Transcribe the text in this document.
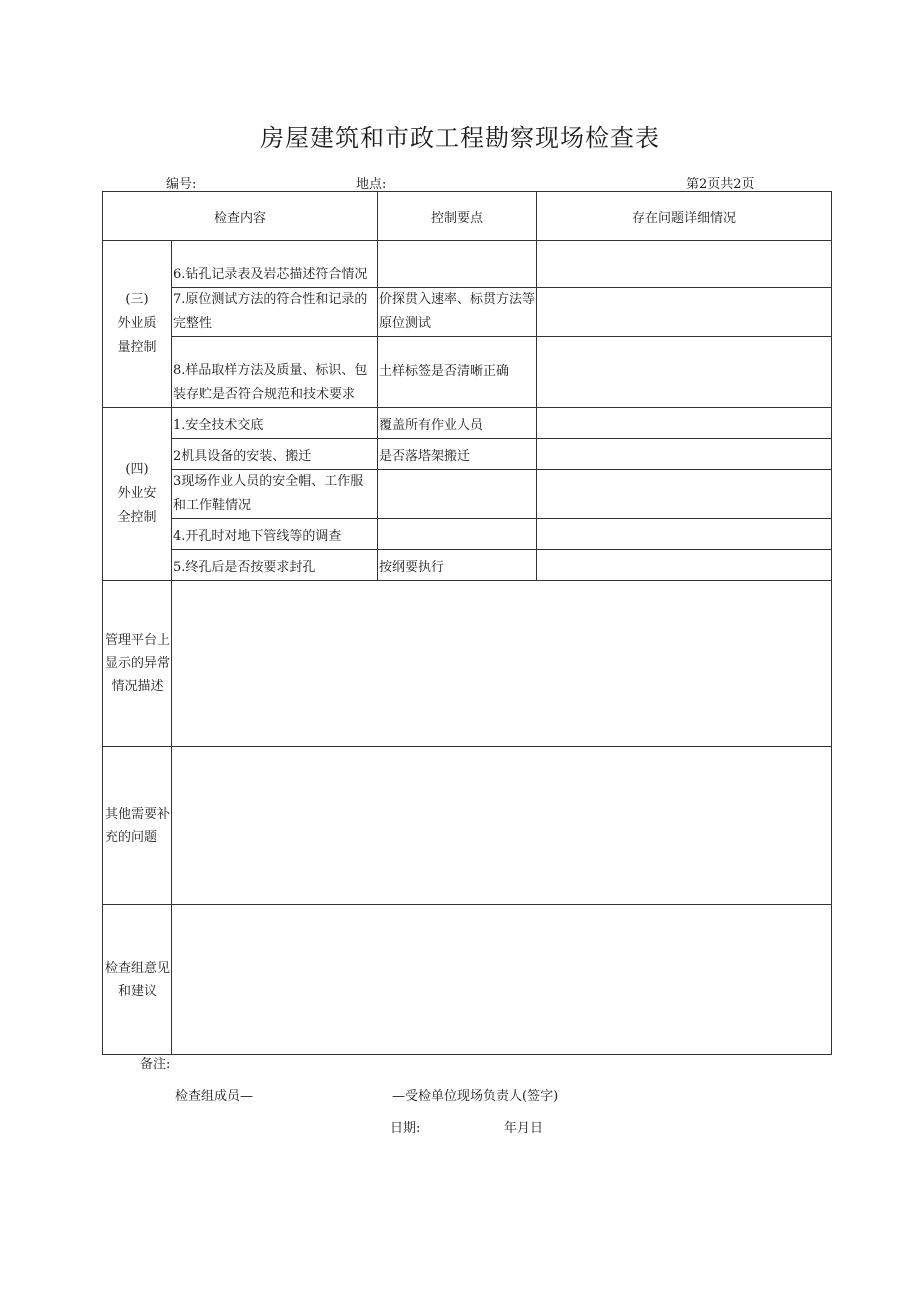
房屋建筑和市政工程勘察现场检查表
编号:	地点:	第2页共2页
检查内容		控制要点	存在问题详细情况

(三)
外业质
量控制	6.钻孔记录表及岩芯描述符合情况		
	7.原位测试方法的符合性和记录的完整性	价探贯入速率、标贯方法等原位测试	
	8.样品取样方法及质量、标识、包装存贮是否符合规范和技术要求	土样标签是否清晰正确	

(四)
外业安
全控制	1.安全技术交底	覆盖所有作业人员	
	2机具设备的安装、搬迁	是否落塔架搬迁	
	3现场作业人员的安全帽、工作服和工作鞋情况		
	4.开孔时对地下管线等的调查		
	5.终孔后是否按要求封孔	按纲要执行	

管理平台上
显示的异常
情况描述			

其他需要补
充的问题			

检查组意见
和建议			

备注:
检查组成员—	—受检单位现场负责人(签字)
日期:	年月日
